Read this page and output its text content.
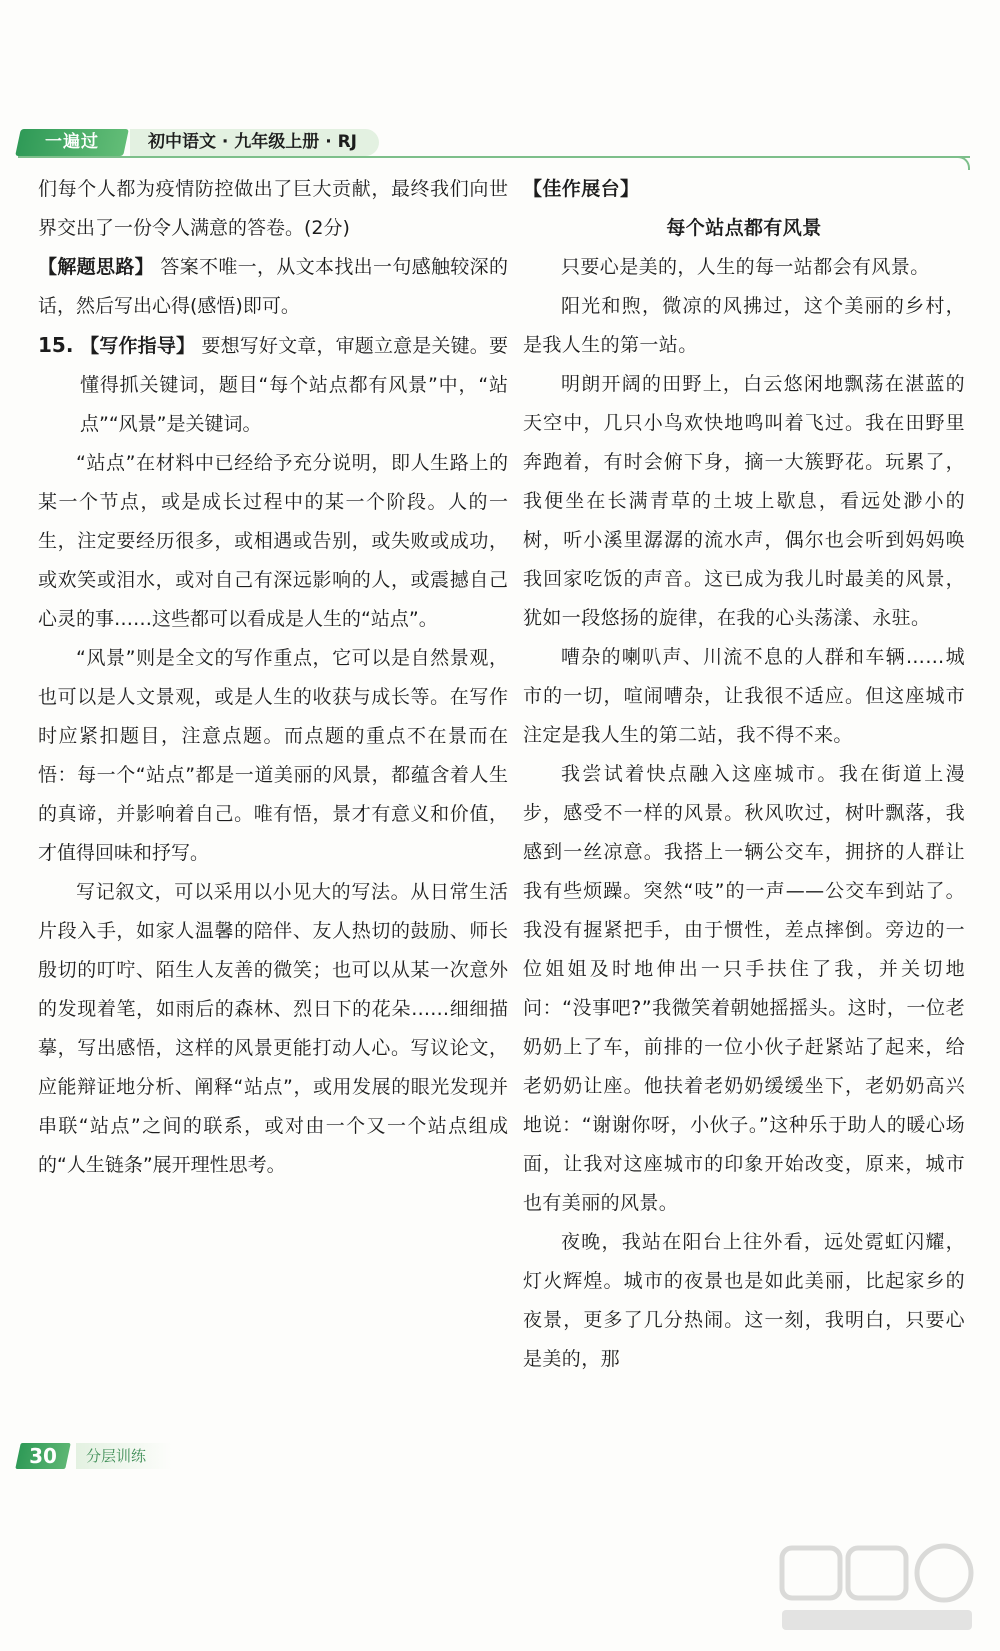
一遍过	初中语文 · 九年级上册 · RJ

们每个人都为疫情防控做出了巨大贡献，最终我们向世界交出了一份令人满意的答卷。(2分)

【解题思路】 答案不唯一，从文本找出一句感触较深的话，然后写出心得(感悟)即可。

15. 【写作指导】 要想写好文章，审题立意是关键。要懂得抓关键词，题目“每个站点都有风景”中，“站点”“风景”是关键词。

“站点”在材料中已经给予充分说明，即人生路上的某一个节点，或是成长过程中的某一个阶段。人的一生，注定要经历很多，或相遇或告别，或失败或成功，或欢笑或泪水，或对自己有深远影响的人，或震撼自己心灵的事……这些都可以看成是人生的“站点”。

“风景”则是全文的写作重点，它可以是自然景观，也可以是人文景观，或是人生的收获与成长等。在写作时应紧扣题目，注意点题。而点题的重点不在景而在悟：每一个“站点”都是一道美丽的风景，都蕴含着人生的真谛，并影响着自己。唯有悟，景才有意义和价值，才值得回味和抒写。

写记叙文，可以采用以小见大的写法。从日常生活片段入手，如家人温馨的陪伴、友人热切的鼓励、师长殷切的叮咛、陌生人友善的微笑；也可以从某一次意外的发现着笔，如雨后的森林、烈日下的花朵……细细描摹，写出感悟，这样的风景更能打动人心。写议论文，应能辩证地分析、阐释“站点”，或用发展的眼光发现并串联“站点”之间的联系，或对由一个又一个站点组成的“人生链条”展开理性思考。

【佳作展台】

每个站点都有风景

只要心是美的，人生的每一站都会有风景。

阳光和煦，微凉的风拂过，这个美丽的乡村，是我人生的第一站。

明朗开阔的田野上，白云悠闲地飘荡在湛蓝的天空中，几只小鸟欢快地鸣叫着飞过。我在田野里奔跑着，有时会俯下身，摘一大簇野花。玩累了，我便坐在长满青草的土坡上歇息，看远处渺小的树，听小溪里潺潺的流水声，偶尔也会听到妈妈唤我回家吃饭的声音。这已成为我儿时最美的风景，犹如一段悠扬的旋律，在我的心头荡漾、永驻。

嘈杂的喇叭声、川流不息的人群和车辆……城市的一切，喧闹嘈杂，让我很不适应。但这座城市注定是我人生的第二站，我不得不来。

我尝试着快点融入这座城市。我在街道上漫步，感受不一样的风景。秋风吹过，树叶飘落，我感到一丝凉意。我搭上一辆公交车，拥挤的人群让我有些烦躁。突然“吱”的一声——公交车到站了。我没有握紧把手，由于惯性，差点摔倒。旁边的一位姐姐及时地伸出一只手扶住了我，并关切地问：“没事吧?”我微笑着朝她摇摇头。这时，一位老奶奶上了车，前排的一位小伙子赶紧站了起来，给老奶奶让座。他扶着老奶奶缓缓坐下，老奶奶高兴地说：“谢谢你呀，小伙子。”这种乐于助人的暖心场面，让我对这座城市的印象开始改变，原来，城市也有美丽的风景。

夜晚，我站在阳台上往外看，远处霓虹闪耀，灯火辉煌。城市的夜景也是如此美丽，比起家乡的夜景，更多了几分热闹。这一刻，我明白，只要心是美的，那

30	分层训练
